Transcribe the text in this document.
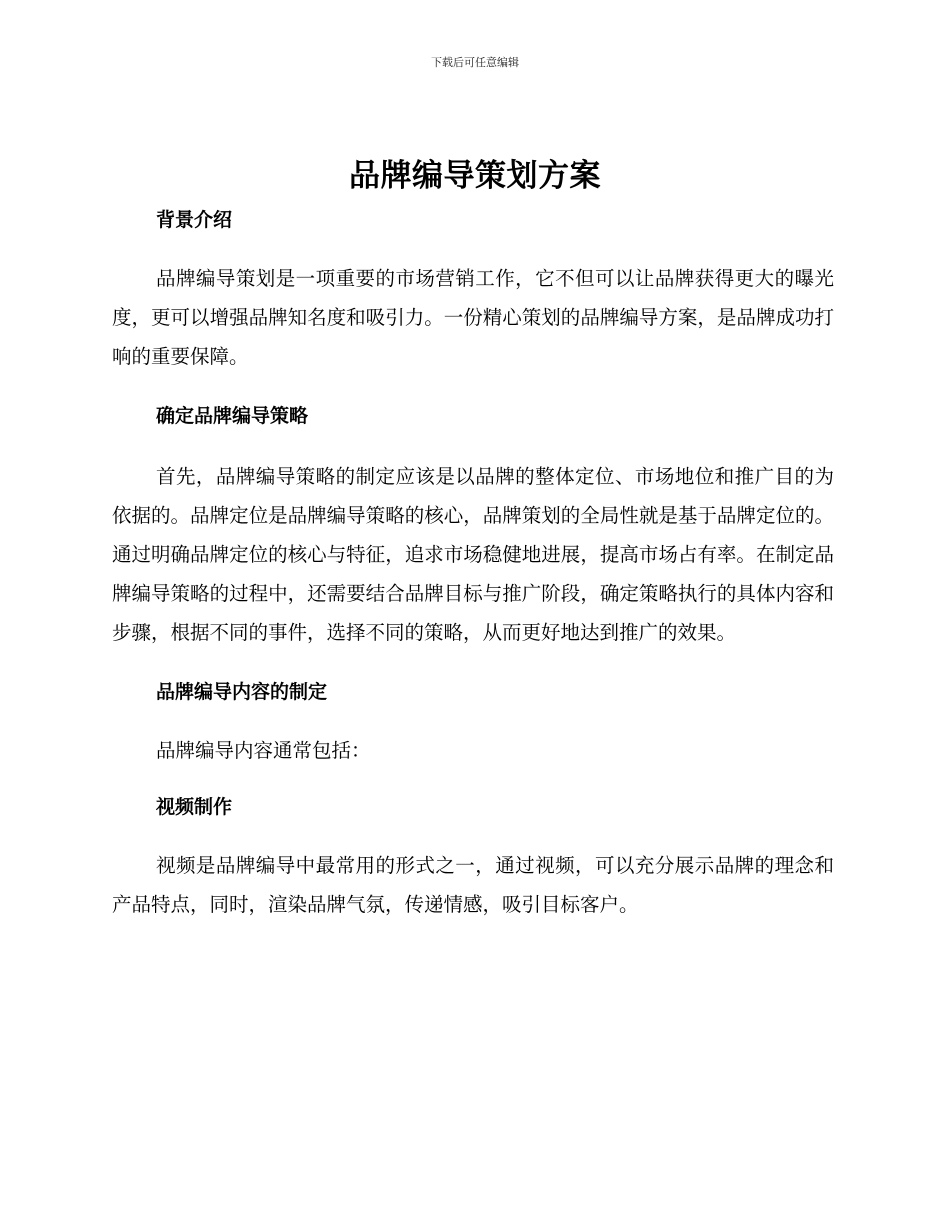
下载后可任意编辑
品牌编导策划方案
背景介绍

品牌编导策划是一项重要的市场营销工作，它不但可以让品牌获得更大的曝光度，更可以增强品牌知名度和吸引力。一份精心策划的品牌编导方案，是品牌成功打响的重要保障。

确定品牌编导策略

首先，品牌编导策略的制定应该是以品牌的整体定位、市场地位和推广目的为依据的。品牌定位是品牌编导策略的核心，品牌策划的全局性就是基于品牌定位的。通过明确品牌定位的核心与特征，追求市场稳健地进展，提高市场占有率。在制定品牌编导策略的过程中，还需要结合品牌目标与推广阶段，确定策略执行的具体内容和步骤，根据不同的事件，选择不同的策略，从而更好地达到推广的效果。

品牌编导内容的制定

品牌编导内容通常包括：

视频制作

视频是品牌编导中最常用的形式之一，通过视频，可以充分展示品牌的理念和产品特点，同时，渲染品牌气氛，传递情感，吸引目标客户。
